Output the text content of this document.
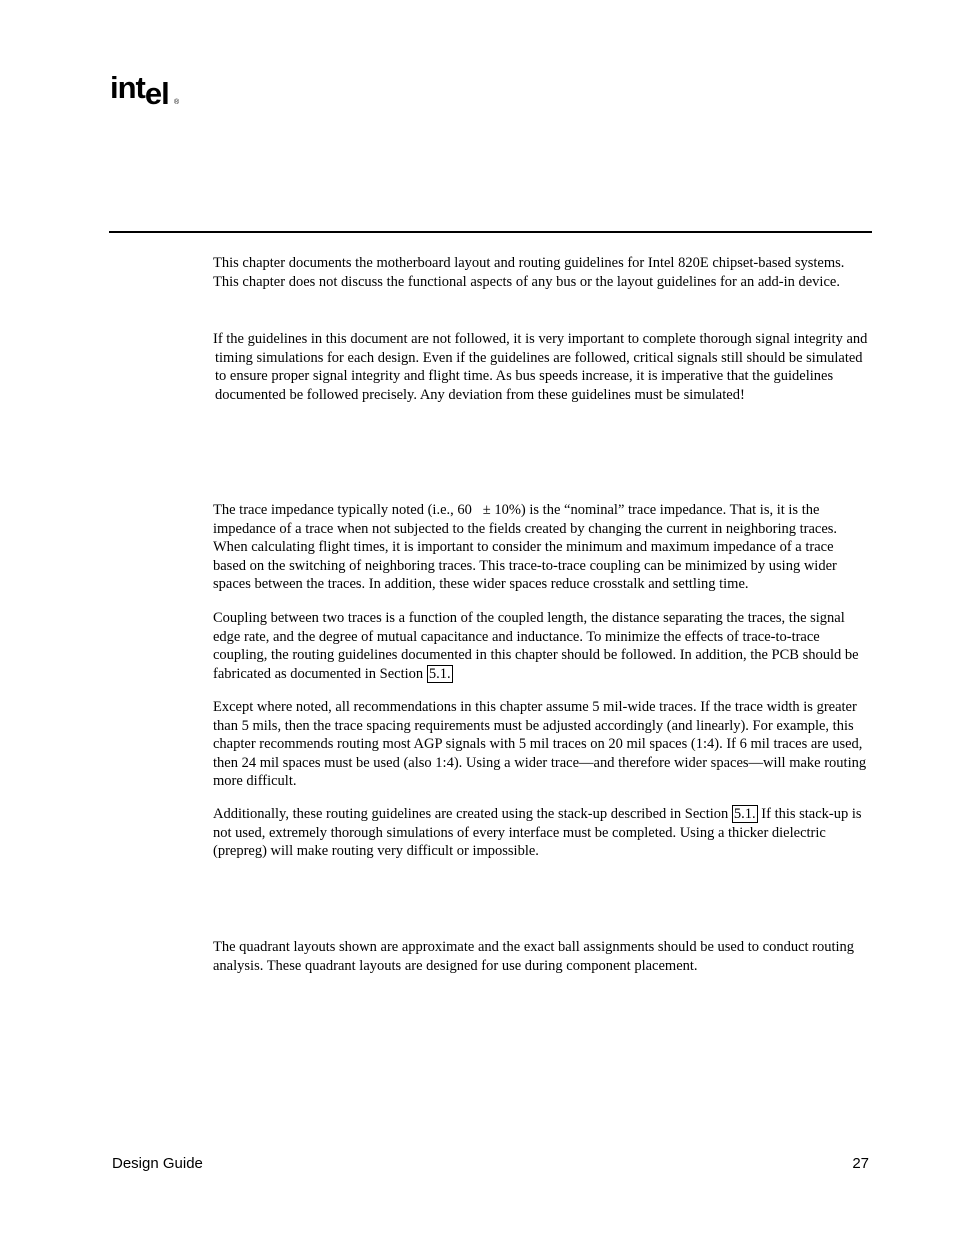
intel ®

This chapter documents the motherboard layout and routing guidelines for Intel 820E chipset-based systems. This chapter does not discuss the functional aspects of any bus or the layout guidelines for an add-in device.

If the guidelines in this document are not followed, it is very important to complete thorough signal integrity and timing simulations for each design. Even if the guidelines are followed, critical signals still should be simulated to ensure proper signal integrity and flight time. As bus speeds increase, it is imperative that the guidelines documented be followed precisely. Any deviation from these guidelines must be simulated!

The trace impedance typically noted (i.e., 60   ± 10%) is the “nominal” trace impedance. That is, it is the impedance of a trace when not subjected to the fields created by changing the current in neighboring traces. When calculating flight times, it is important to consider the minimum and maximum impedance of a trace based on the switching of neighboring traces. This trace-to-trace coupling can be minimized by using wider spaces between the traces. In addition, these wider spaces reduce crosstalk and settling time.

Coupling between two traces is a function of the coupled length, the distance separating the traces, the signal edge rate, and the degree of mutual capacitance and inductance. To minimize the effects of trace-to-trace coupling, the routing guidelines documented in this chapter should be followed. In addition, the PCB should be fabricated as documented in Section 5.1.

Except where noted, all recommendations in this chapter assume 5 mil-wide traces. If the trace width is greater than 5 mils, then the trace spacing requirements must be adjusted accordingly (and linearly). For example, this chapter recommends routing most AGP signals with 5 mil traces on 20 mil spaces (1:4). If 6 mil traces are used, then 24 mil spaces must be used (also 1:4). Using a wider trace—and therefore wider spaces—will make routing more difficult.

Additionally, these routing guidelines are created using the stack-up described in Section 5.1. If this stack-up is not used, extremely thorough simulations of every interface must be completed. Using a thicker dielectric (prepreg) will make routing very difficult or impossible.

The quadrant layouts shown are approximate and the exact ball assignments should be used to conduct routing analysis. These quadrant layouts are designed for use during component placement.

Design Guide	27
